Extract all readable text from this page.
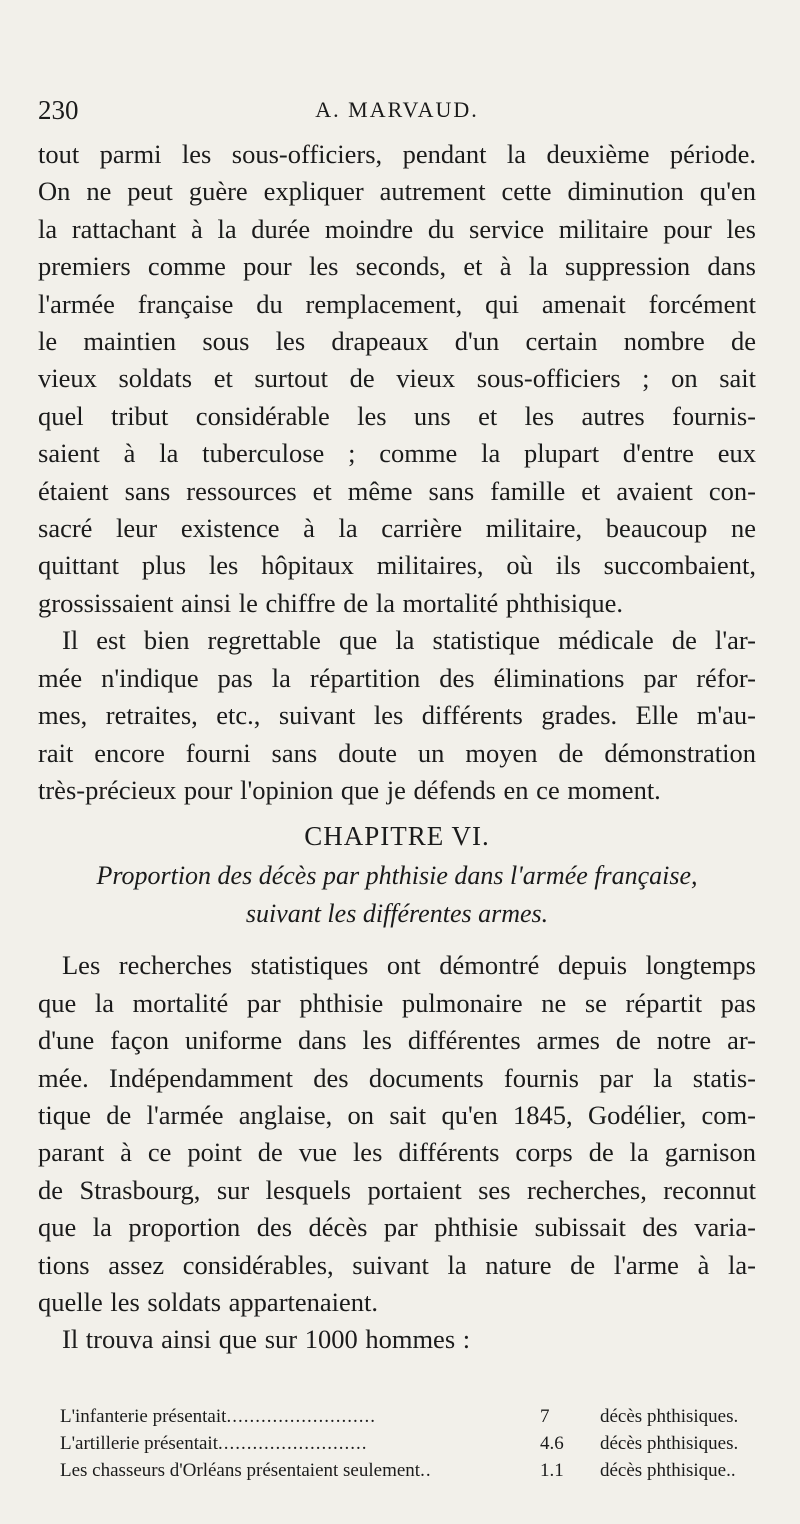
230	A. MARVAUD.

tout parmi les sous-officiers, pendant la deuxième période.
On ne peut guère expliquer autrement cette diminution qu'en
la rattachant à la durée moindre du service militaire pour les
premiers comme pour les seconds, et à la suppression dans
l'armée française du remplacement, qui amenait forcément
le maintien sous les drapeaux d'un certain nombre de
vieux soldats et surtout de vieux sous-officiers ; on sait
quel tribut considérable les uns et les autres fournis-
saient à la tuberculose ; comme la plupart d'entre eux
étaient sans ressources et même sans famille et avaient con-
sacré leur existence à la carrière militaire, beaucoup ne
quittant plus les hôpitaux militaires, où ils succombaient,
grossissaient ainsi le chiffre de la mortalité phthisique.

Il est bien regrettable que la statistique médicale de l'ar-
mée n'indique pas la répartition des éliminations par réfor-
mes, retraites, etc., suivant les différents grades. Elle m'au-
rait encore fourni sans doute un moyen de démonstration
très-précieux pour l'opinion que je défends en ce moment.

CHAPITRE VI.
Proportion des décès par phthisie dans l'armée française,
suivant les différentes armes.

Les recherches statistiques ont démontré depuis longtemps
que la mortalité par phthisie pulmonaire ne se répartit pas
d'une façon uniforme dans les différentes armes de notre ar-
mée. Indépendamment des documents fournis par la statis-
tique de l'armée anglaise, on sait qu'en 1845, Godélier, com-
parant à ce point de vue les différents corps de la garnison
de Strasbourg, sur lesquels portaient ses recherches, reconnut
que la proportion des décès par phthisie subissait des varia-
tions assez considérables, suivant la nature de l'arme à la-
quelle les soldats appartenaient.

Il trouva ainsi que sur 1000 hommes :

L'infanterie présentait..........................	7	décès phthisiques.
L'artillerie présentait..........................	4.6	décès phthisiques.
Les chasseurs d'Orléans présentaient seulement..	1.1	décès phthisique..
